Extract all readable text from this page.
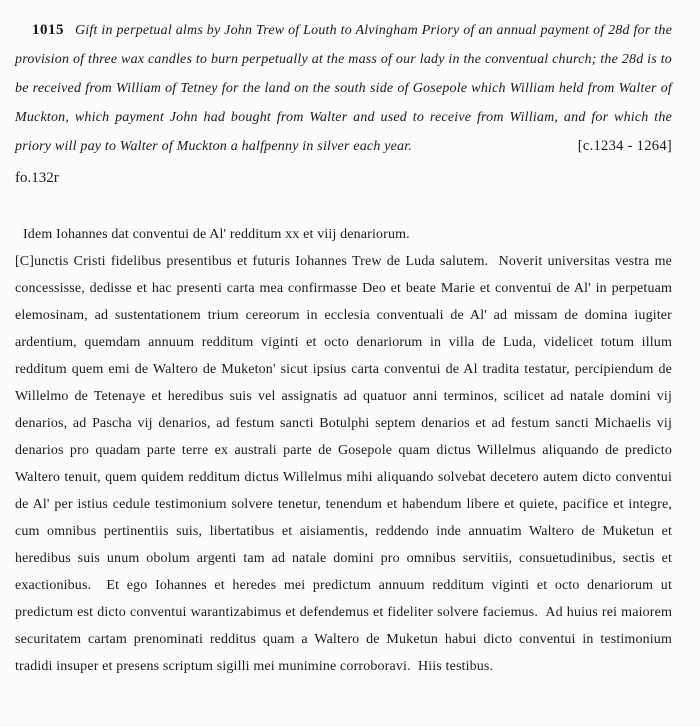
1015 Gift in perpetual alms by John Trew of Louth to Alvingham Priory of an annual payment of 28d for the provision of three wax candles to burn perpetually at the mass of our lady in the conventual church; the 28d is to be received from William of Tetney for the land on the south side of Gosepole which William held from Walter of Muckton, which payment John had bought from Walter and used to receive from William, and for which the priory will pay to Walter of Muckton a halfpenny in silver each year.	[c.1234 - 1264]
fo.132r
Idem Iohannes dat conventui de Al' redditum xx et viij denariorum.

[C]unctis Cristi fidelibus presentibus et futuris Iohannes Trew de Luda salutem.  Noverit universitas vestra me concessisse, dedisse et hac presenti carta mea confirmasse Deo et beate Marie et conventui de Al' in perpetuam elemosinam, ad sustentationem trium cereorum in ecclesia conventuali de Al' ad missam de domina iugiter ardentium, quemdam annuum redditum viginti et octo denariorum in villa de Luda, videlicet totum illum redditum quem emi de Waltero de Muketon' sicut ipsius carta conventui de Al tradita testatur, percipiendum de Willelmo de Tetenaye et heredibus suis vel assignatis ad quatuor anni terminos, scilicet ad natale domini vij denarios, ad Pascha vij denarios, ad festum sancti Botulphi septem denarios et ad festum sancti Michaelis vij denarios pro quadam parte terre ex australi parte de Gosepole quam dictus Willelmus aliquando de predicto Waltero tenuit, quem quidem redditum dictus Willelmus mihi aliquando solvebat decetero autem dicto conventui de Al' per istius cedule testimonium solvere tenetur, tenendum et habendum libere et quiete, pacifice et integre, cum omnibus pertinentiis suis, libertatibus et aisiamentis, reddendo inde annuatim Waltero de Muketun et heredibus suis unum obolum argenti tam ad natale domini pro omnibus servitiis, consuetudinibus, sectis et exactionibus.  Et ego Iohannes et heredes mei predictum annuum redditum viginti et octo denariorum ut predictum est dicto conventui warantizabimus et defendemus et fideliter solvere faciemus.  Ad huius rei maiorem securitatem cartam prenominati redditus quam a Waltero de Muketun habui dicto conventui in testimonium tradidi insuper et presens scriptum sigilli mei munimine corroboravi.  Hiis testibus.
